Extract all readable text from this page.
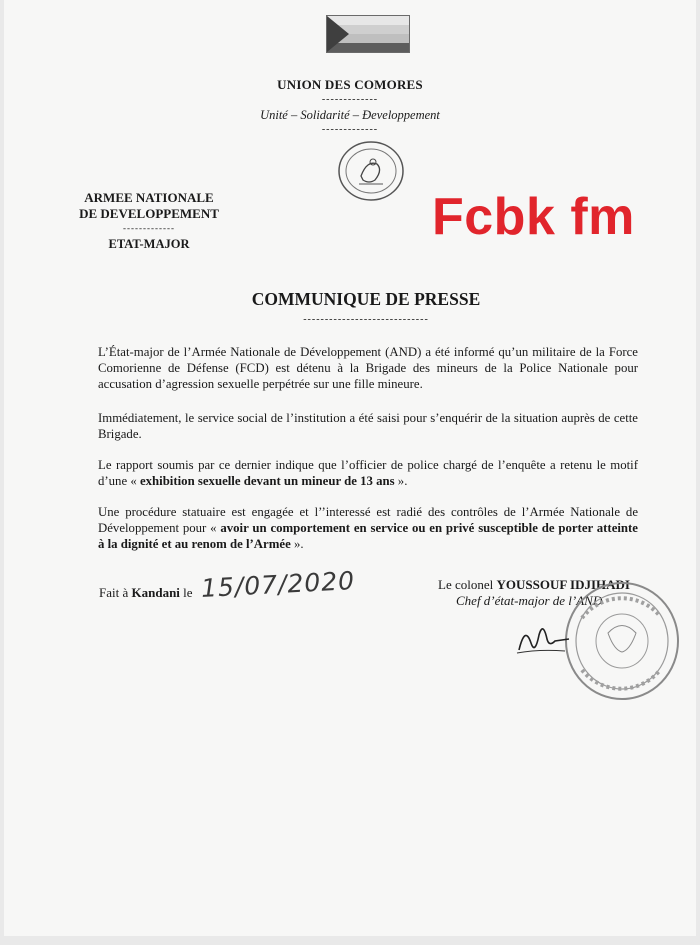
UNION DES COMORES
-------------
Unité – Solidarité – Ðeveloppement
-------------
ARMEE NATIONALE
DE DEVELOPPEMENT
-------------
ETAT-MAJOR	Fcbk fm
COMMUNIQUE DE PRESSE
-----------------------------
L’État-major de l’Armée Nationale de Développement (AND) a été informé qu’un militaire de la Force Comorienne de Défense (FCD) est détenu à la Brigade des mineurs de la Police Nationale pour accusation d’agression sexuelle perpétrée sur une fille mineure.
Immédiatement, le service social de l’institution a été saisi pour s’enquérir de la situation auprès de cette Brigade.
Le rapport soumis par ce dernier indique que l’officier de police chargé de l’enquête a retenu le motif d’une « exhibition sexuelle devant un mineur de 13 ans ».
Une procédure statuaire est engagée et l’’interessé est radié des contrôles de l’Armée Nationale de Développement pour « avoir un comportement en service ou en privé susceptible de porter atteinte à la dignité et au renom de l’Armée ».
Fait à Kandani le 15/07/2020	Le colonel YOUSSOUF IDJIHADI
Chef d’état-major de l’AND
